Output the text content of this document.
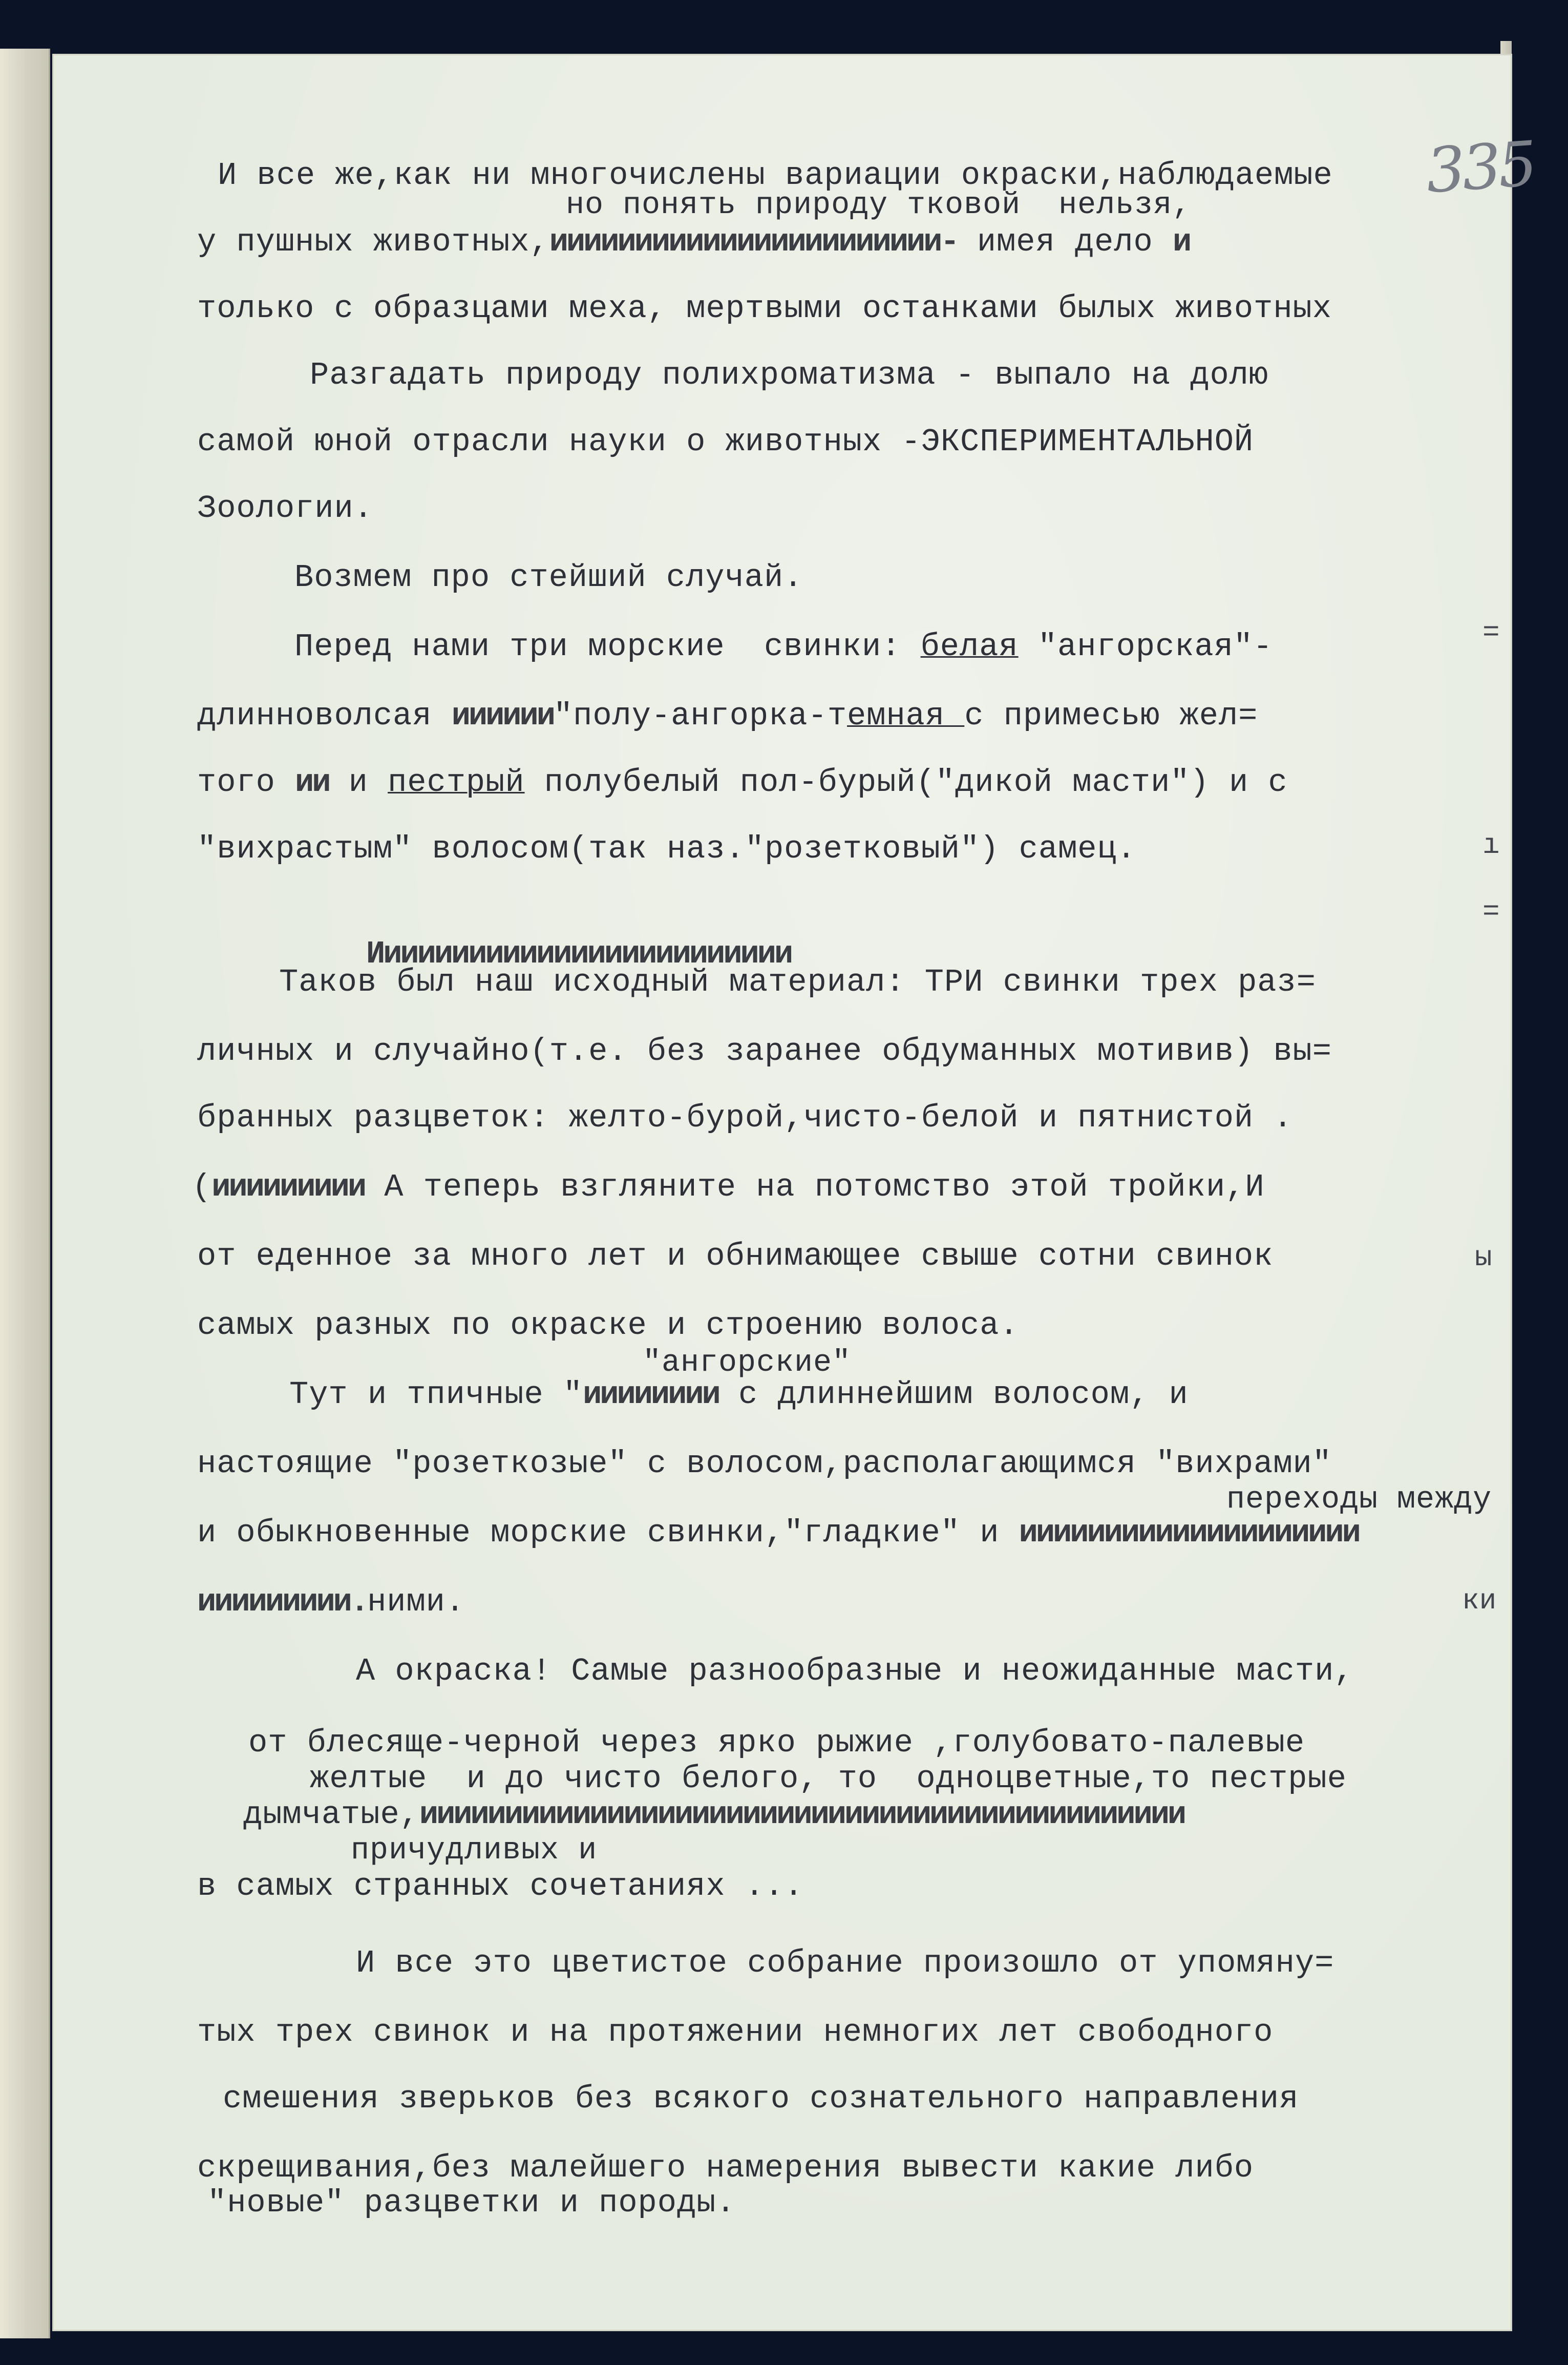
335
И все же,как ни многочислены вариации окраски,наблюдаемые
но понять природу тковой  нельзя,
у пушных животных,иииииииииииииииииииииии- имея дело и
только с образцами меха, мертвыми останками былых животных
Разгадать природу полихроматизма - выпало на долю
самой юной отрасли науки о животных -ЭКСПЕРИМЕНТАЛЬНОЙ
Зоологии.
Возмем про стейший случай.
Перед нами три морские  свинки: белая "ангорская"-
длинноволсая ииииии"полу-ангорка-темная с примесью жел=
того ии и пестрый полубелый пол-бурый("дикой масти") и с
"вихрастым" волосом(так наз."розеткoвый") самец.
Иииииииииииииииииииииииии
Таков был наш исходный материал: ТРИ свинки трех раз=
личных и случайно(т.е. без заранее обдуманных мотивив) вы=
бранных разцветок: желто-бурой,чисто-белой и пятнистой .
(иииииииии А теперь взгляните на потомство этой тройки,И
от еденное за много лет и обнимающее свыше сотни свинок
самых разных по окраске и строению волоса.
"ангорские"
Тут и тпичные "ииииииии с длиннейшим волосом, и
настоящие "розеткозые" с волосом,располагающимся "вихрами"
переходы между
и обыкновенные морские свинки,"гладкие" и ииииииииииииииииииии
иииииииии.ними.
А окраска! Самые разнообразные и неожиданные масти,
от блесяще-черной через ярко рыжие ,голубовато-палевые
желтые  и до чисто белого, то  одноцветные,то пестрые
дымчатые,иииииииииииииииииииииииииииииииииииииииииииии
причудливых и
в самых странных сочетаниях ...
И все это цветистое собрание произошло от упомяну=
тых трех свинок и на протяжении немногих лет свободного
смешения зверьков без всякого сознательного направления
скрещивания,без малейшего намерения вывести какие либо
"новые" разцветки и породы.
=
ı
=
ы
ки
